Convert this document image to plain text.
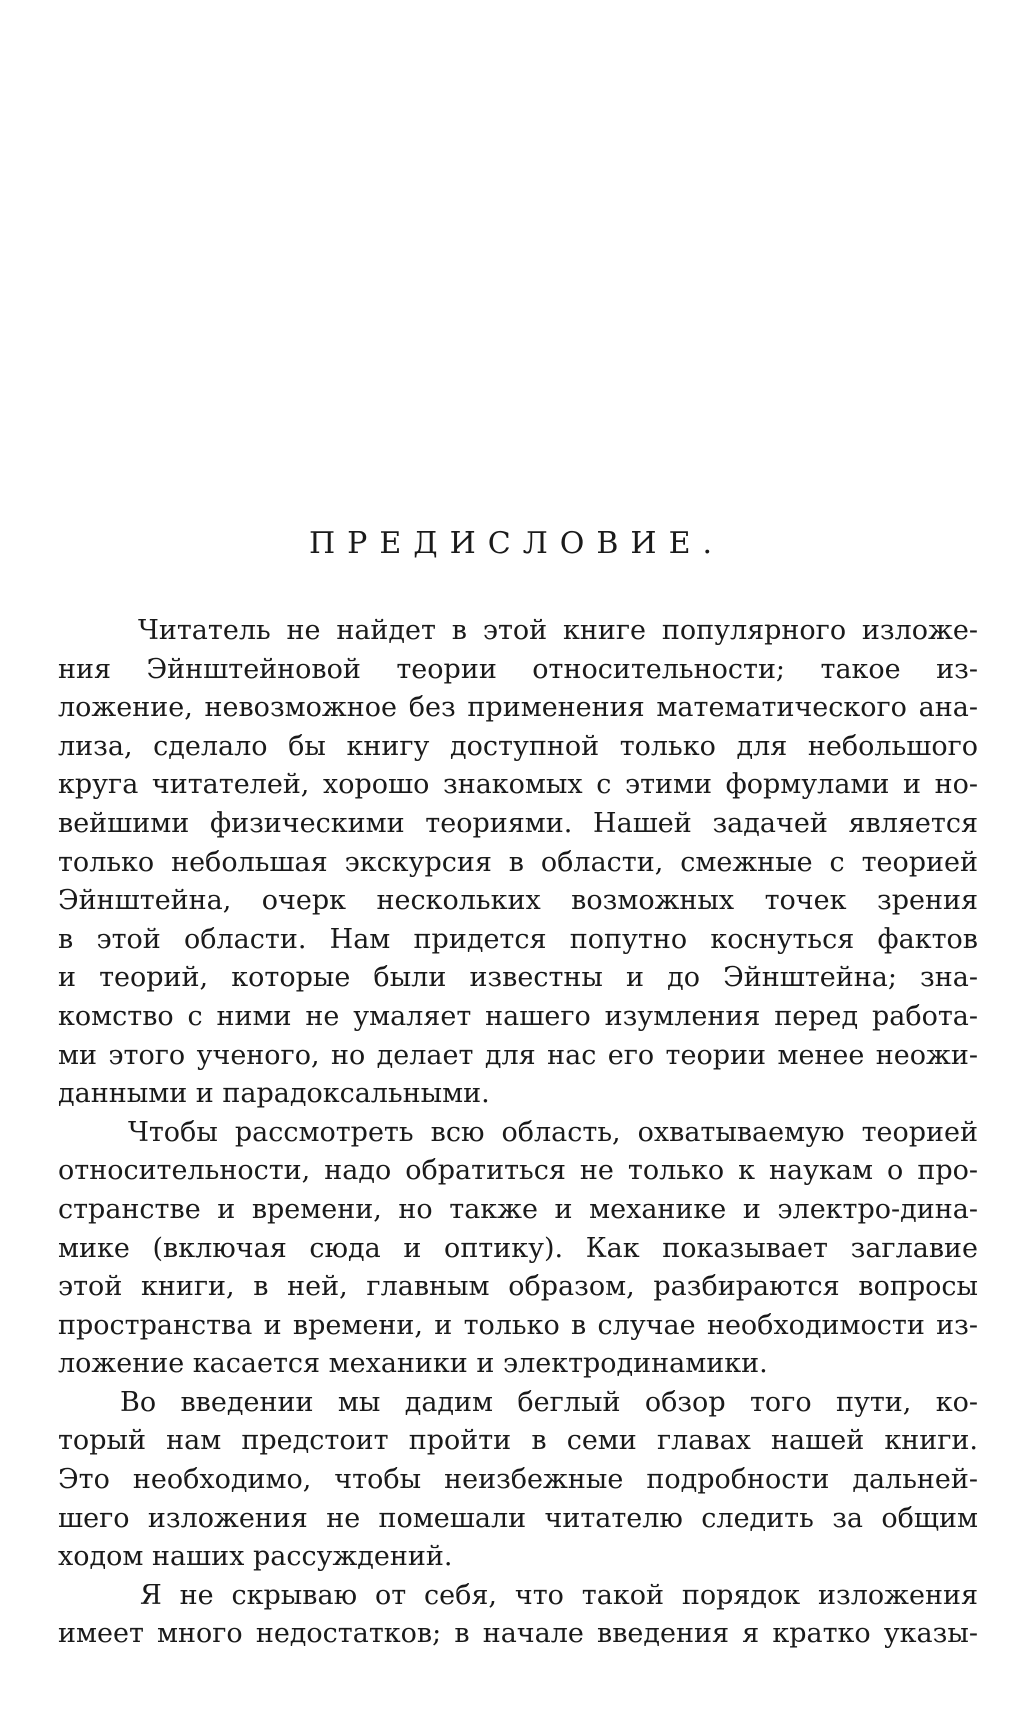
ПРЕДИСЛОВИЕ.
Читатель не найдет в этой книге популярного изложе-
ния Эйнштейновой теории относительности; такое из-
ложение, невозможное без применения математического ана-
лиза, сделало бы книгу доступной только для небольшого
круга читателей, хорошо знакомых с этими формулами и но-
вейшими физическими теориями. Нашей задачей является
только небольшая экскурсия в области, смежные с теорией
Эйнштейна, очерк нескольких возможных точек зрения
в этой области. Нам придется попутно коснуться фактов
и теорий, которые были известны и до Эйнштейна; зна-
комство с ними не умаляет нашего изумления перед работа-
ми этого ученого, но делает для нас его теории менее неожи-
данными и парадоксальными.
Чтобы рассмотреть всю область, охватываемую теорией
относительности, надо обратиться не только к наукам о про-
странстве и времени, но также и механике и электро-дина-
мике (включая сюда и оптику). Как показывает заглавие
этой книги, в ней, главным образом, разбираются вопросы
пространства и времени, и только в случае необходимости из-
ложение касается механики и электродинамики.
Во введении мы дадим беглый обзор того пути, ко-
торый нам предстоит пройти в семи главах нашей книги.
Это необходимо, чтобы неизбежные подробности дальней-
шего изложения не помешали читателю следить за общим
ходом наших рассуждений.
Я не скрываю от себя, что такой порядок изложения
имеет много недостатков; в начале введения я кратко указы-
